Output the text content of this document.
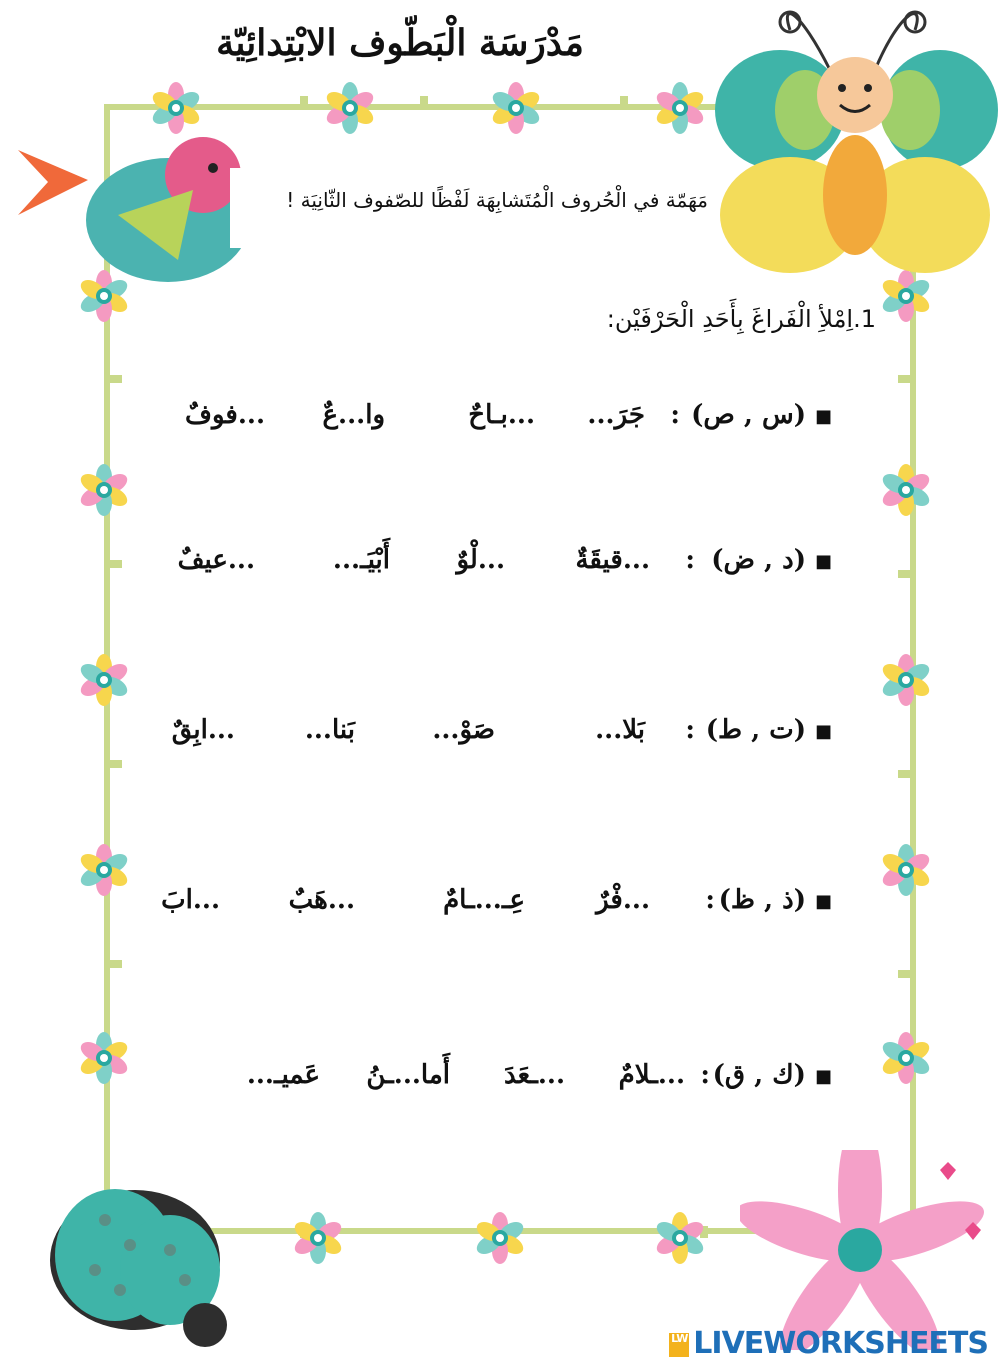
مَدْرَسَة الْبَطّوف الابْتِدائِيّة
مَهَمّة في الْحُروف الْمُتَشابِهَة لَفْظًا للصّفوف الثّانِيَة !
1.اِمْلأِ الْفَراغَ بِأَحَدِ الْحَرْفَيْن:
■
(س , ص)
:
جَرَ...
...بـاحٌ
وا...عٌ
...فوفٌ
■
(د , ض)
:
...قيقَةٌ
...لْوٌ
أَبْيَـ...
...عيفٌ
■
(ت , ط)
:
بَلا...
صَوْ...
بَنا...
...ابِقٌ
■
(ذ , ظ)
:
...فْرٌ
عِـ...ـامٌ
...هَبٌ
...ابَ
■
(ك , ق)
:
...ـلامٌ
...ـعَدَ
أَما...ـنُ
عَميـ...
LW LIVEWORKSHEETS
